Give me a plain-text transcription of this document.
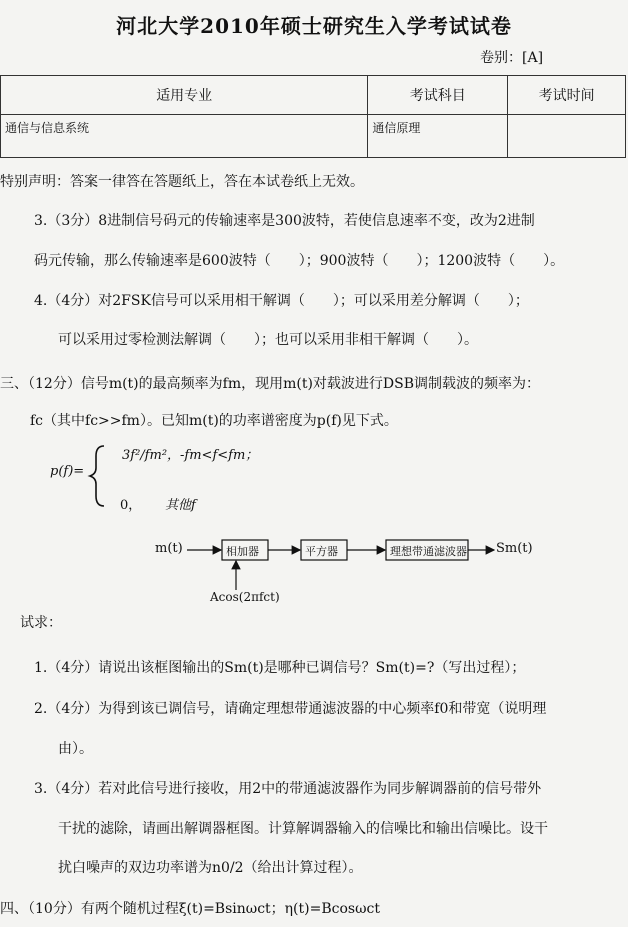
河北大学2010年硕士研究生入学考试试卷
卷别：[A]
适用专业	考试科目	考试时间
通信与信息系统	通信原理	
特别声明：答案一律答在答题纸上，答在本试卷纸上无效。
3.（3分）8进制信号码元的传输速率是300波特，若使信息速率不变，改为2进制
码元传输，那么传输速率是600波特（　　）；900波特（　　）；1200波特（　　）。
4.（4分）对2FSK信号可以采用相干解调（　　）；可以采用差分解调（　　）；
可以采用过零检测法解调（　　）；也可以采用非相干解调（　　）。
三、（12分）信号m(t)的最高频率为fm，现用m(t)对载波进行DSB调制载波的频率为：
fc（其中fc>>fm）。已知m(t)的功率谱密度为p(f)见下式。
p(f)=
3f²/fm²，-fm<f<fm；
0， 其他f
m(t)	相加器	平方器	理想带通滤波器 Sm(t)
Acos(2πfct)
试求：
1.（4分）请说出该框图输出的Sm(t)是哪种已调信号？Sm(t)=?（写出过程）；
2.（4分）为得到该已调信号，请确定理想带通滤波器的中心频率f0和带宽（说明理
由）。
3.（4分）若对此信号进行接收，用2中的带通滤波器作为同步解调器前的信号带外
干扰的滤除，请画出解调器框图。计算解调器输入的信噪比和输出信噪比。设干
扰白噪声的双边功率谱为n0/2（给出计算过程）。
四、（10分）有两个随机过程ξ(t)=Bsinωct；η(t)=Bcosωct
